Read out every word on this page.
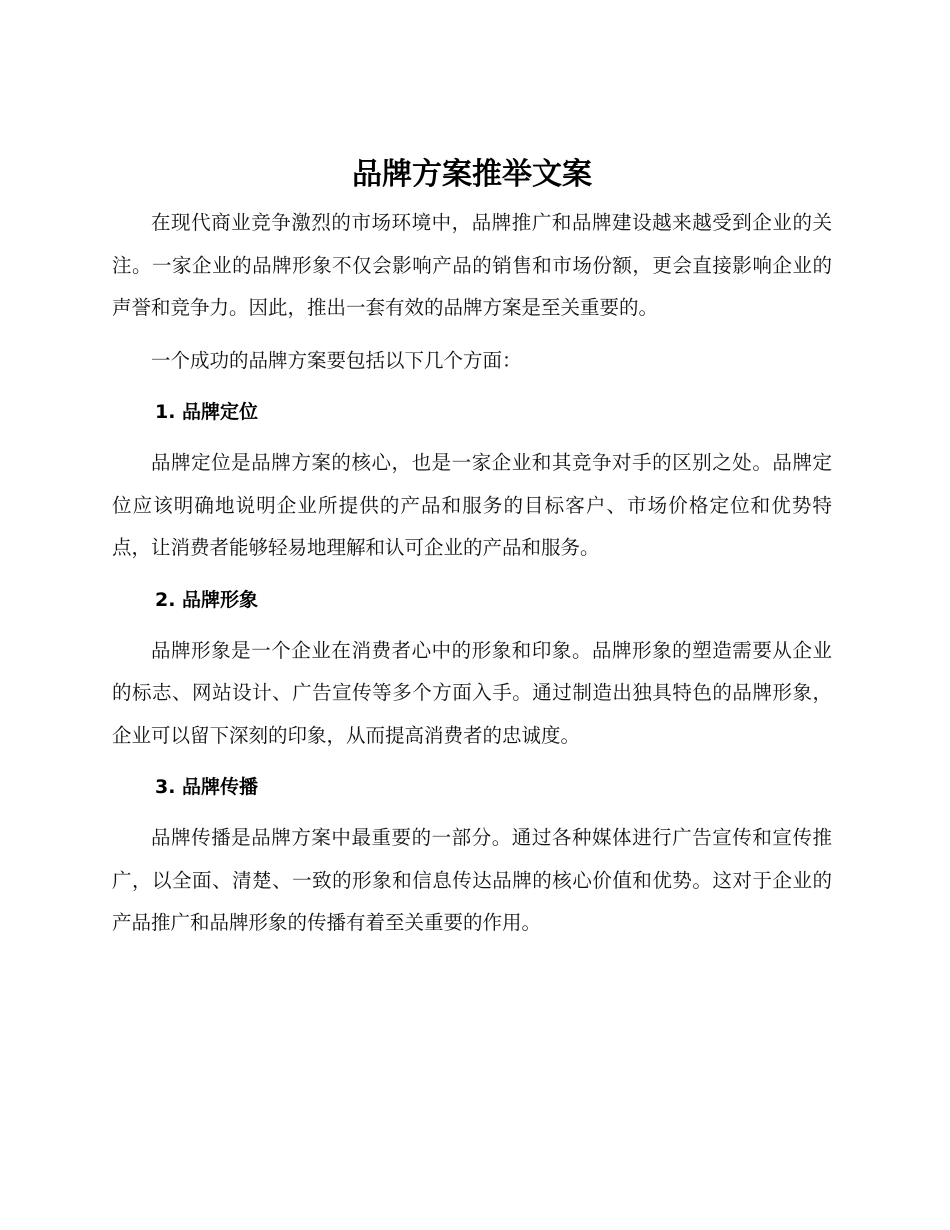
品牌方案推举文案

在现代商业竞争激烈的市场环境中，品牌推广和品牌建设越来越受到企业的关注。一家企业的品牌形象不仅会影响产品的销售和市场份额，更会直接影响企业的声誉和竞争力。因此，推出一套有效的品牌方案是至关重要的。

一个成功的品牌方案要包括以下几个方面：

1. 品牌定位

品牌定位是品牌方案的核心，也是一家企业和其竞争对手的区别之处。品牌定位应该明确地说明企业所提供的产品和服务的目标客户、市场价格定位和优势特点，让消费者能够轻易地理解和认可企业的产品和服务。

2. 品牌形象

品牌形象是一个企业在消费者心中的形象和印象。品牌形象的塑造需要从企业的标志、网站设计、广告宣传等多个方面入手。通过制造出独具特色的品牌形象，企业可以留下深刻的印象，从而提高消费者的忠诚度。

3. 品牌传播

品牌传播是品牌方案中最重要的一部分。通过各种媒体进行广告宣传和宣传推广，以全面、清楚、一致的形象和信息传达品牌的核心价值和优势。这对于企业的产品推广和品牌形象的传播有着至关重要的作用。
